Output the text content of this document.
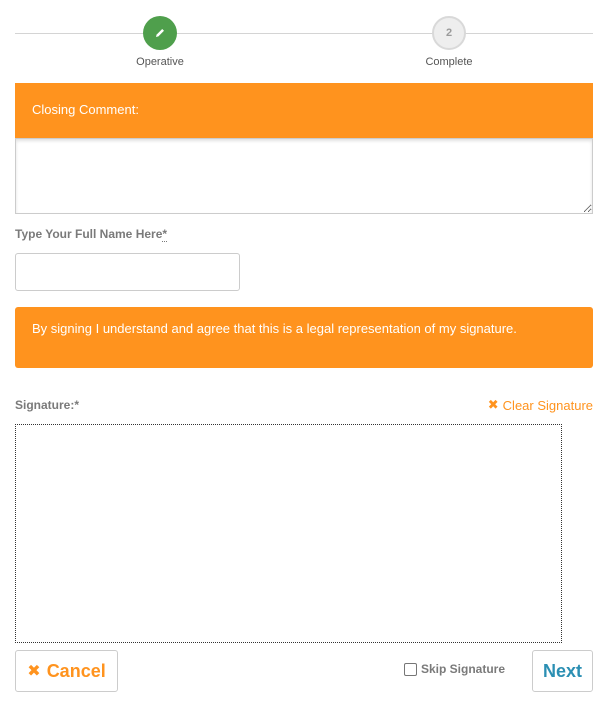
Operative
2
Complete
Closing Comment:
Type Your Full Name Here*
By signing I understand and agree that this is a legal representation of my signature.
Signature:*	✖ Clear Signature
✖ Cancel	Skip Signature	Next
